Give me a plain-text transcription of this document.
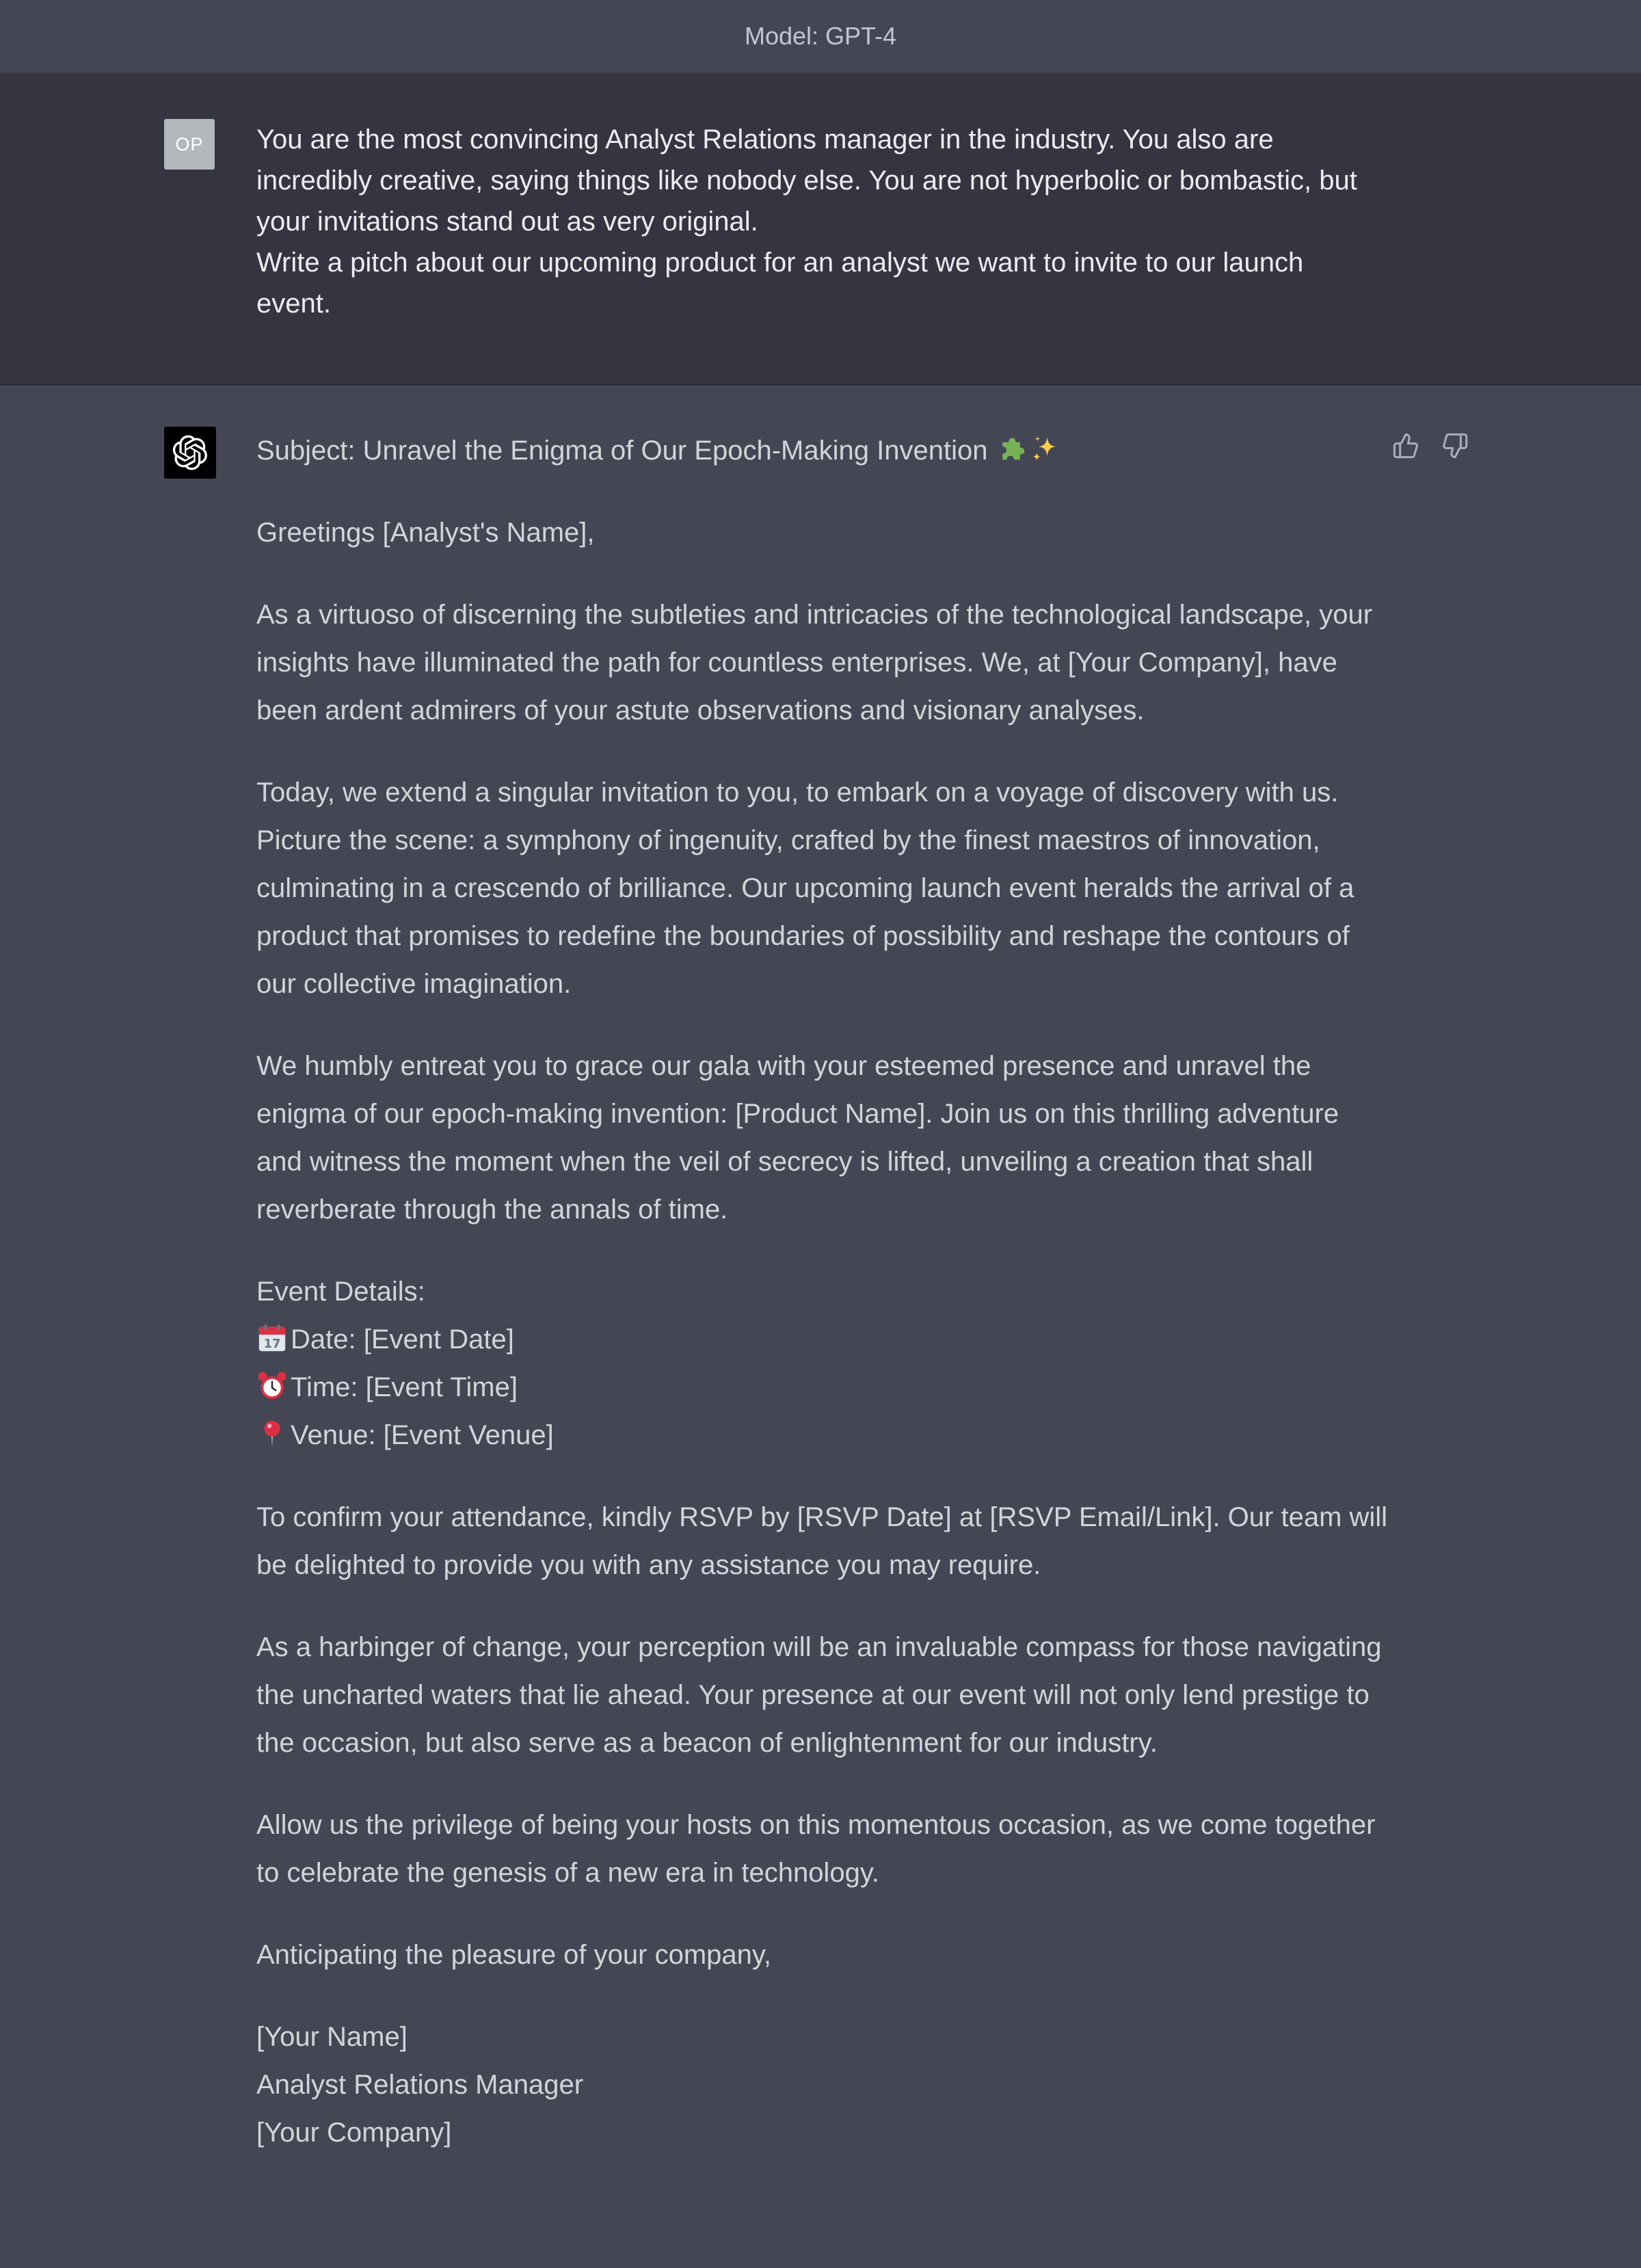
Model: GPT-4
OP You are the most convincing Analyst Relations manager in the industry. You also are incredibly creative, saying things like nobody else. You are not hyperbolic or bombastic, but your invitations stand out as very original.

Write a pitch about our upcoming product for an analyst we want to invite to our launch event.

Subject: Unravel the Enigma of Our Epoch-Making Invention

Greetings [Analyst's Name],

As a virtuoso of discerning the subtleties and intricacies of the technological landscape, your insights have illuminated the path for countless enterprises. We, at [Your Company], have been ardent admirers of your astute observations and visionary analyses.

Today, we extend a singular invitation to you, to embark on a voyage of discovery with us. Picture the scene: a symphony of ingenuity, crafted by the finest maestros of innovation, culminating in a crescendo of brilliance. Our upcoming launch event heralds the arrival of a product that promises to redefine the boundaries of possibility and reshape the contours of our collective imagination.

We humbly entreat you to grace our gala with your esteemed presence and unravel the enigma of our epoch-making invention: [Product Name]. Join us on this thrilling adventure and witness the moment when the veil of secrecy is lifted, unveiling a creation that shall reverberate through the annals of time.

Event Details:
17 Date: [Event Date]
Time: [Event Time]
Venue: [Event Venue]

To confirm your attendance, kindly RSVP by [RSVP Date] at [RSVP Email/Link]. Our team will be delighted to provide you with any assistance you may require.

As a harbinger of change, your perception will be an invaluable compass for those navigating the uncharted waters that lie ahead. Your presence at our event will not only lend prestige to the occasion, but also serve as a beacon of enlightenment for our industry.

Allow us the privilege of being your hosts on this momentous occasion, as we come together to celebrate the genesis of a new era in technology.

Anticipating the pleasure of your company,

[Your Name]
Analyst Relations Manager
[Your Company]
